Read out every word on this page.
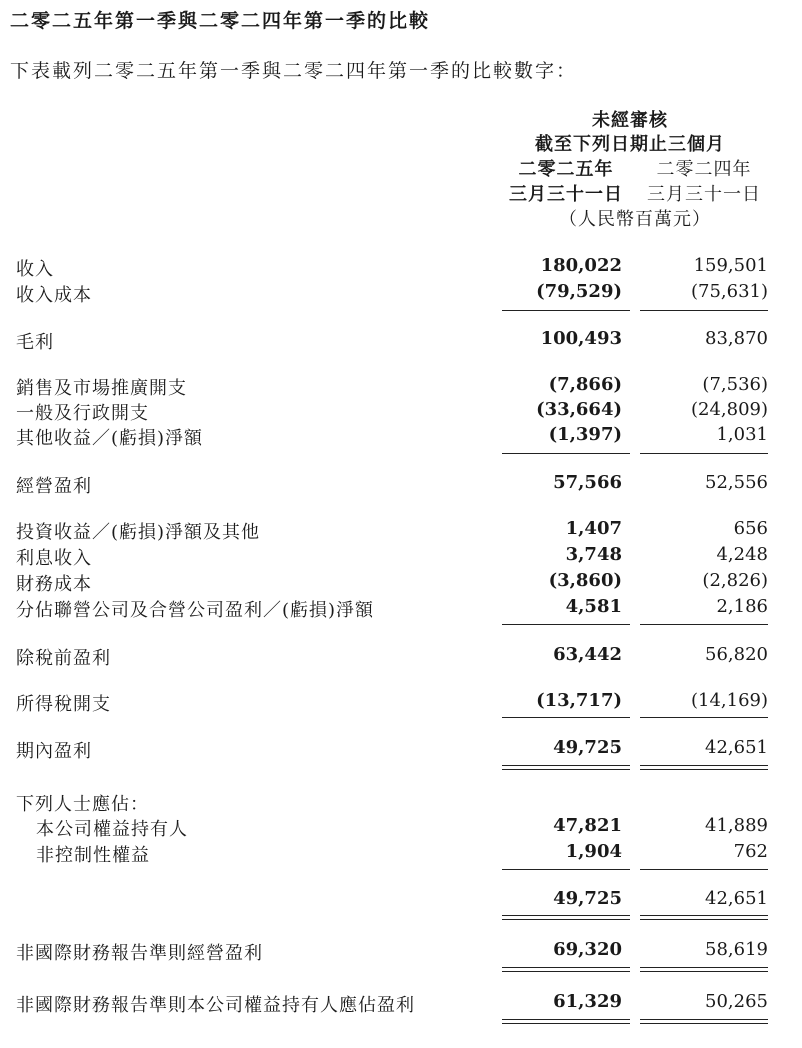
二零二五年第一季與二零二四年第一季的比較
下表載列二零二五年第一季與二零二四年第一季的比較數字：
未經審核
截至下列日期止三個月
二零二五年	二零二四年
三月三十一日	三月三十一日
（人民幣百萬元）
收入	180,022	159,501
收入成本	(79,529)	(75,631)
毛利	100,493	83,870
銷售及市場推廣開支	(7,866)	(7,536)
一般及行政開支	(33,664)	(24,809)
其他收益／(虧損)淨額	(1,397)	1,031
經營盈利	57,566	52,556
投資收益／(虧損)淨額及其他	1,407	656
利息收入	3,748	4,248
財務成本	(3,860)	(2,826)
分佔聯營公司及合營公司盈利／(虧損)淨額	4,581	2,186
除稅前盈利	63,442	56,820
所得稅開支	(13,717)	(14,169)
期內盈利	49,725	42,651
下列人士應佔：
本公司權益持有人	47,821	41,889
非控制性權益	1,904	762
49,725	42,651
非國際財務報告準則經營盈利	69,320	58,619
非國際財務報告準則本公司權益持有人應佔盈利	61,329	50,265
